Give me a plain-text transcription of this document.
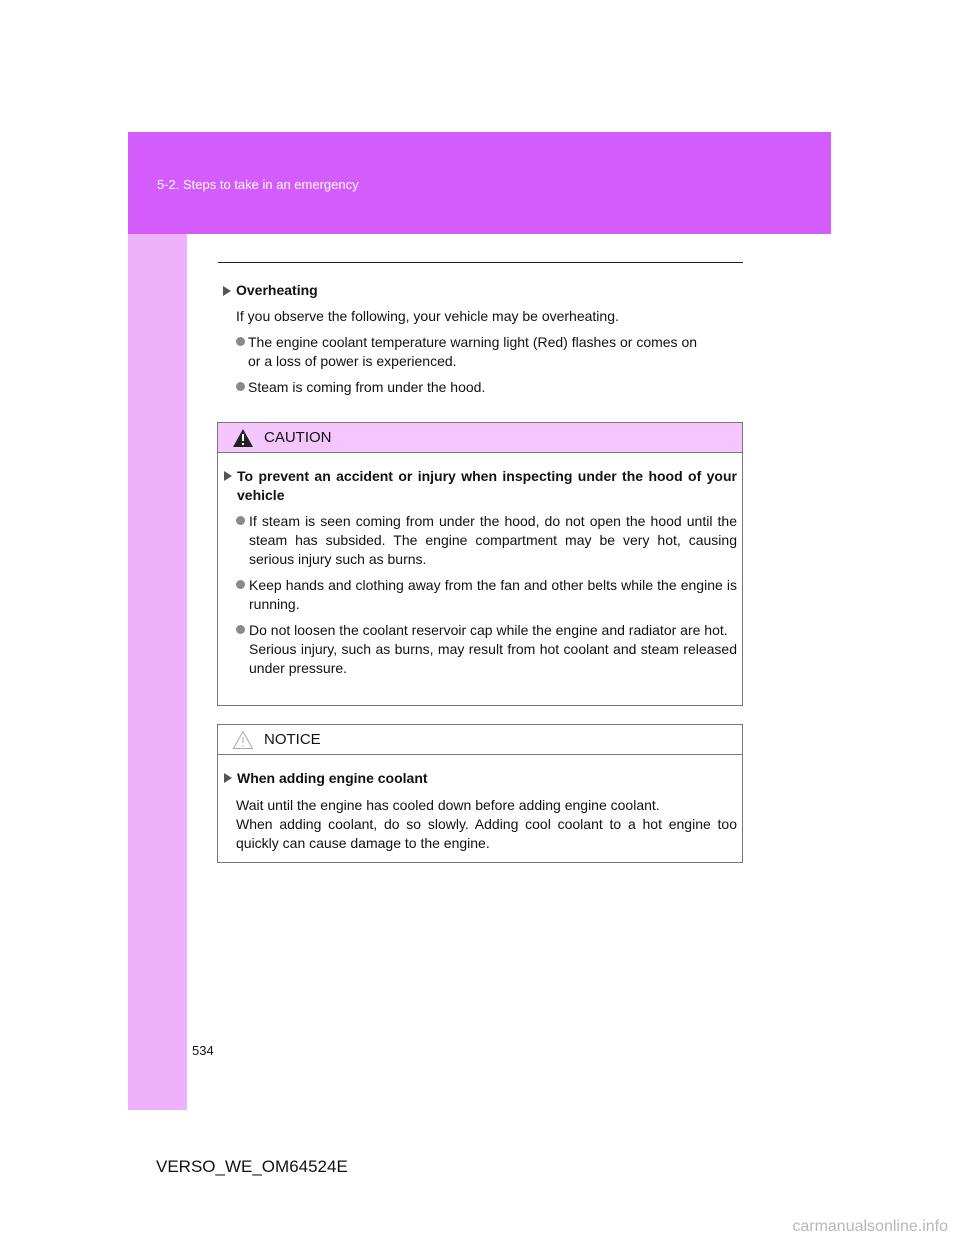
5-2. Steps to take in an emergency
Overheating
If you observe the following, your vehicle may be overheating.
The engine coolant temperature warning light (Red) flashes or comes on
or a loss of power is experienced.
Steam is coming from under the hood.
CAUTION
To prevent an accident or injury when inspecting under the hood of your vehicle
If steam is seen coming from under the hood, do not open the hood until the steam has subsided. The engine compartment may be very hot, causing serious injury such as burns.
Keep hands and clothing away from the fan and other belts while the engine is running.
Do not loosen the coolant reservoir cap while the engine and radiator are hot.
Serious injury, such as burns, may result from hot coolant and steam released under pressure.
NOTICE
When adding engine coolant
Wait until the engine has cooled down before adding engine coolant.
When adding coolant, do so slowly. Adding cool coolant to a hot engine too quickly can cause damage to the engine.
534
VERSO_WE_OM64524E
carmanualsonline.info
